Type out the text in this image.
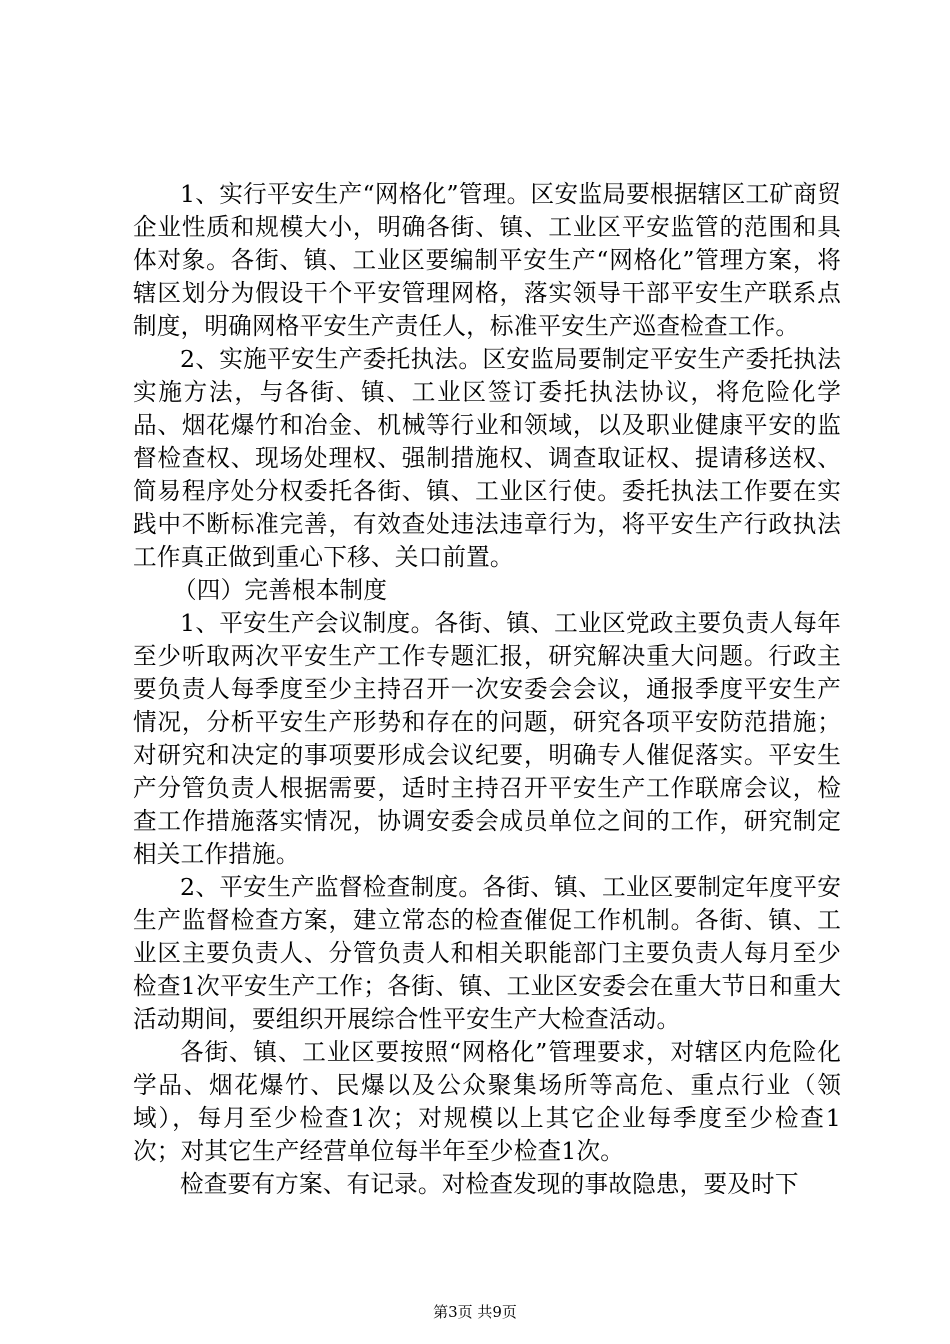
1、实行平安生产“网格化”管理。区安监局要根据辖区工矿商贸企业性质和规模大小，明确各街、镇、工业区平安监管的范围和具体对象。各街、镇、工业区要编制平安生产“网格化”管理方案，将辖区划分为假设干个平安管理网格，落实领导干部平安生产联系点制度，明确网格平安生产责任人，标准平安生产巡查检查工作。

2、实施平安生产委托执法。区安监局要制定平安生产委托执法实施方法，与各街、镇、工业区签订委托执法协议，将危险化学品、烟花爆竹和冶金、机械等行业和领域，以及职业健康平安的监督检查权、现场处理权、强制措施权、调查取证权、提请移送权、简易程序处分权委托各街、镇、工业区行使。委托执法工作要在实践中不断标准完善，有效查处违法违章行为，将平安生产行政执法工作真正做到重心下移、关口前置。

（四）完善根本制度

1、平安生产会议制度。各街、镇、工业区党政主要负责人每年至少听取两次平安生产工作专题汇报，研究解决重大问题。行政主要负责人每季度至少主持召开一次安委会会议，通报季度平安生产情况，分析平安生产形势和存在的问题，研究各项平安防范措施；对研究和决定的事项要形成会议纪要，明确专人催促落实。平安生产分管负责人根据需要，适时主持召开平安生产工作联席会议，检查工作措施落实情况，协调安委会成员单位之间的工作，研究制定相关工作措施。

2、平安生产监督检查制度。各街、镇、工业区要制定年度平安生产监督检查方案，建立常态的检查催促工作机制。各街、镇、工业区主要负责人、分管负责人和相关职能部门主要负责人每月至少检查1次平安生产工作；各街、镇、工业区安委会在重大节日和重大活动期间，要组织开展综合性平安生产大检查活动。

各街、镇、工业区要按照“网格化”管理要求，对辖区内危险化学品、烟花爆竹、民爆以及公众聚集场所等高危、重点行业（领域），每月至少检查1次；对规模以上其它企业每季度至少检查1次；对其它生产经营单位每半年至少检查1次。

检查要有方案、有记录。对检查发现的事故隐患，要及时下

第3页 共9页
